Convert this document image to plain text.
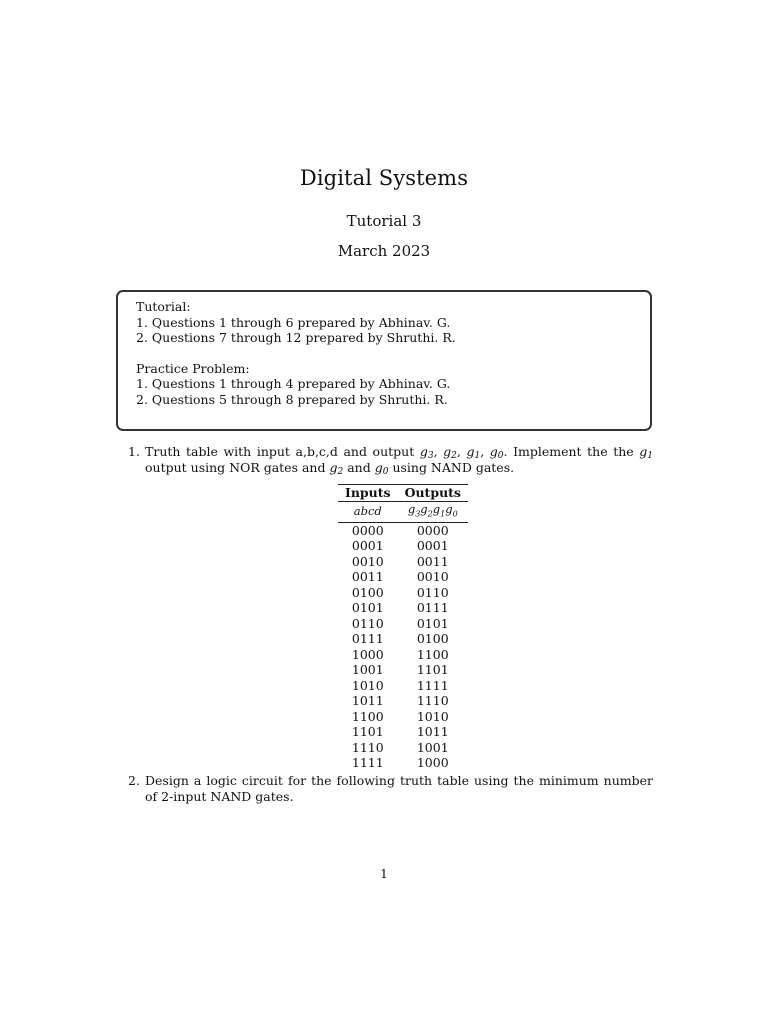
Digital Systems
Tutorial 3
March 2023
Tutorial:
1. Questions 1 through 6 prepared by Abhinav. G.
2. Questions 7 through 12 prepared by Shruthi. R.
Practice Problem:
1. Questions 1 through 4 prepared by Abhinav. G.
2. Questions 5 through 8 prepared by Shruthi. R.
1. Truth table with input a,b,c,d and output $g_3$, $g_2$, $g_1$, $g_0$. Implement the the $g_1$ output using NOR gates and $g_2$ and $g_0$ using NAND gates.
Inputs	Outputs
abcd	$g_3g_2g_1g_0$
0000	0000
0001	0001
0010	0011
0011	0010
0100	0110
0101	0111
0110	0101
0111	0100
1000	1100
1001	1101
1010	1111
1011	1110
1100	1010
1101	1011
1110	1001
1111	1000
2. Design a logic circuit for the following truth table using the minimum number of 2-input NAND gates.
1
